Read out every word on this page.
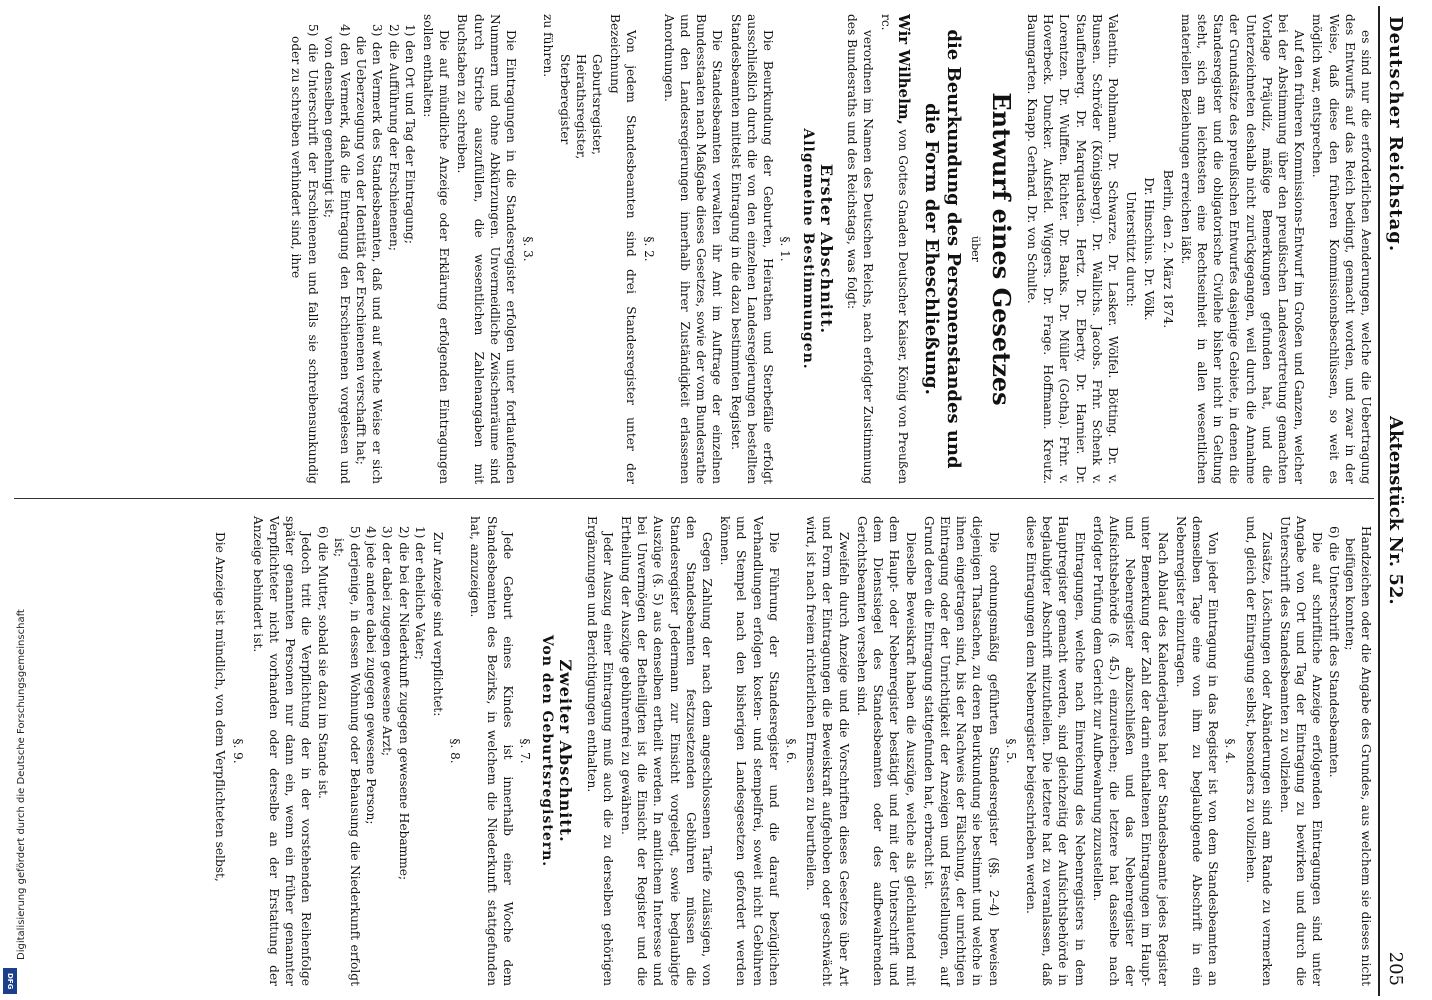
Deutscher Reichstag.
Aktenstück Nr. 52.
205

es sind nur die erforderlichen Aenderungen, welche die Uebertragung des Entwurfs auf das Reich bedingt, gemacht worden, und zwar in der Weise, daß diese den früheren Kommissionsbeschlüssen, so weit es möglich war, entsprechen.

Auf den früheren Kommissions-Entwurf im Großen und Ganzen, welcher bei der Abstimmung über den preußischen Landesvertretung gemachten Vorlage Präjudiz, mäßige Bemerkungen gefunden hat, und die Unterzeichneten deshalb nicht zurückgegangen, weil durch die Annahme der Grundsätze des preußischen Entwurfes dasjenige Gebiete, in denen die Standesregister und die obligatorische Civilehe bisher nicht in Geltung steht, sich am leichtesten eine Rechtseinheit in allen wesentlichen materiellen Beziehungen erreichen läßt.

Berlin, den 2. März 1874.

Dr. Hinschius. Dr. Völk.

Unterstützt durch:

Valentin. Pohlmann. Dr. Schwarze. Dr. Lasker. Wölfel. Bötting. Dr. v. Bunsen. Schröder (Königsberg). Dr. Wallichs. Jacobs. Frhr. Schenk v. Stauffenberg. Dr. Marquardsen. Hertz. Dr. Eberty. Dr. Harnier. Dr. Lorentzen. Dr. Wulffen. Richter. Dr. Banks. Dr. Müller (Gotha). Frhr. v. Hoverbeck. Duncker. Aufsfeld. Wiggers. Dr. Frage. Hoffmann. Kreutz. Baumgarten. Knapp. Gerhard. Dr. von Schulte.

Entwurf eines Gesetzes

über

die Beurkundung des Personenstandes und die Form der Eheschließung.

Wir Wilhelm, von Gottes Gnaden Deutscher Kaiser, König von Preußen rc.

verordnen im Namen des Deutschen Reichs, nach erfolgter Zustimmung des Bundesraths und des Reichstags, was folgt:

Erster Abschnitt.

Allgemeine Bestimmungen.

§. 1.

Die Beurkundung der Geburten, Heirathen und Sterbefälle erfolgt ausschließlich durch die von den einzelnen Landesregierungen bestellten Standesbeamten mittelst Eintragung in die dazu bestimmten Register.

Die Standesbeamten verwalten ihr Amt im Auftrage der einzelnen Bundesstaaten nach Maßgabe dieses Gesetzes, sowie der vom Bundesrathe und den Landesregierungen innerhalb ihrer Zuständigkeit erlassenen Anordnungen.

§. 2.

Von jedem Standesbeamten sind drei Standesregister unter der Bezeichnung

Geburtsregister,

Heirathsregister,

Sterberegister

zu führen.

§. 3.

Die Eintragungen in die Standesregister erfolgen unter fortlaufenden Nummern und ohne Abkürzungen. Unvermeidliche Zwischenräume sind durch Striche auszufüllen, die wesentlichen Zahlenangaben mit Buchstaben zu schreiben.

Die auf mündliche Anzeige oder Erklärung erfolgenden Eintragungen sollen enthalten:

1) den Ort und Tag der Eintragung;

2) die Aufführung der Erschienenen;

3) den Vermerk des Standesbeamten, daß und auf welche Weise er sich die Ueberzeugung von der Identität der Erschienenen verschafft hat;

4) den Vermerk, daß die Eintragung den Erschienenen vorgelesen und von denselben genehmigt ist;

5) die Unterschrift der Erschienenen und falls sie schreibensunkundig oder zu schreiben verhindert sind, ihre

Handzeichen oder die Angabe des Grundes, aus welchem sie dieses nicht beifügen konnten;

6) die Unterschrift des Standesbeamten.

Die auf schriftliche Anzeige erfolgenden Eintragungen sind unter Angabe von Ort und Tag der Eintragung zu bewirken und durch die Unterschrift des Standesbeamten zu vollziehen.

Zusätze, Löschungen oder Abänderungen sind am Rande zu vermerken und, gleich der Eintragung selbst, besonders zu vollziehen.

§. 4.

Von jeder Eintragung in das Register ist von dem Standesbeamten an demselben Tage eine von ihm zu beglaubigende Abschrift in ein Nebenregister einzutragen.

Nach Ablauf des Kalenderjahres hat der Standesbeamte jedes Register unter Bemerkung der Zahl der darin enthaltenen Eintragungen im Haupt- und Nebenregister abzuschließen und das Nebenregister der Aufsichtsbehörde (§. 45.) einzureichen; die letztere hat dasselbe nach erfolgter Prüfung dem Gericht zur Aufbewahrung zuzustellen.

Eintragungen, welche nach Einreichung des Nebenregisters in dem Hauptregister gemacht werden, sind gleichzeitig der Aufsichtsbehörde in beglaubigter Abschrift mitzutheilen. Die letztere hat zu veranlassen, daß diese Eintragungen dem Nebenregister beigeschrieben werden.

§. 5.

Die ordnungsmäßig geführten Standesregister (§§. 2–4) beweisen diejenigen Thatsachen, zu deren Beurkundung sie bestimmt und welche in ihnen eingetragen sind, bis der Nachweis der Fälschung, der unrichtigen Eintragung oder der Unrichtigkeit der Anzeigen und Feststellungen, auf Grund deren die Eintragung stattgefunden hat, erbracht ist.

Dieselbe Beweiskraft haben die Auszüge, welche als gleichlautend mit dem Haupt- oder Nebenregister bestätigt und mit der Unterschrift und dem Dienstsiegel des Standesbeamten oder des aufbewahrenden Gerichtsbeamten versehen sind.

Zweifeln durch Anzeige und die Vorschriften dieses Gesetzes über Art und Form der Eintragungen die Beweiskraft aufgehoben oder geschwächt wird, ist nach freiem richterlichen Ermessen zu beurtheilen.

§. 6.

Die Führung der Standesregister und die darauf bezüglichen Verhandlungen erfolgen kosten- und stempelfrei, soweit nicht Gebühren und Stempel nach den bisherigen Landesgesetzen gefordert werden können.

Gegen Zahlung der nach dem angeschlossenen Tarife zulässigen, von den Standesbeamten festzusetzenden Gebühren müssen die Standesregister Jedermann zur Einsicht vorgelegt, sowie beglaubigte Auszüge (§. 5) aus denselben ertheilt werden. In amtlichem Interesse und bei Unvermögen der Betheiligten ist die Einsicht der Register und die Ertheilung der Auszüge gebührenfrei zu gewähren.

Jeder Auszug einer Eintragung muß auch die zu derselben gehörigen Ergänzungen und Berichtigungen enthalten.

Zweiter Abschnitt.

Von den Geburtsregistern.

§. 7.

Jede Geburt eines Kindes ist innerhalb einer Woche dem Standesbeamten des Bezirks, in welchem die Niederkunft stattgefunden hat, anzuzeigen.

§. 8.

Zur Anzeige sind verpflichtet:

1) der eheliche Vater;

2) die bei der Niederkunft zugegen gewesene Hebamme;

3) der dabei zugegen gewesene Arzt;

4) jede andere dabei zugegen gewesene Person;

5) derjenige, in dessen Wohnung oder Behausung die Niederkunft erfolgt ist;

6) die Mutter, sobald sie dazu im Stande ist.

Jedoch tritt die Verpflichtung der in der vorstehenden Reihenfolge später genannten Personen nur dann ein, wenn ein früher genannter Verpflichteter nicht vorhanden oder derselbe an der Erstattung der Anzeige behindert ist.

§. 9.

Die Anzeige ist mündlich, von dem Verpflichteten selbst,

Digitalisierung gefördert durch die Deutsche Forschungsgemeinschaft
DFG
